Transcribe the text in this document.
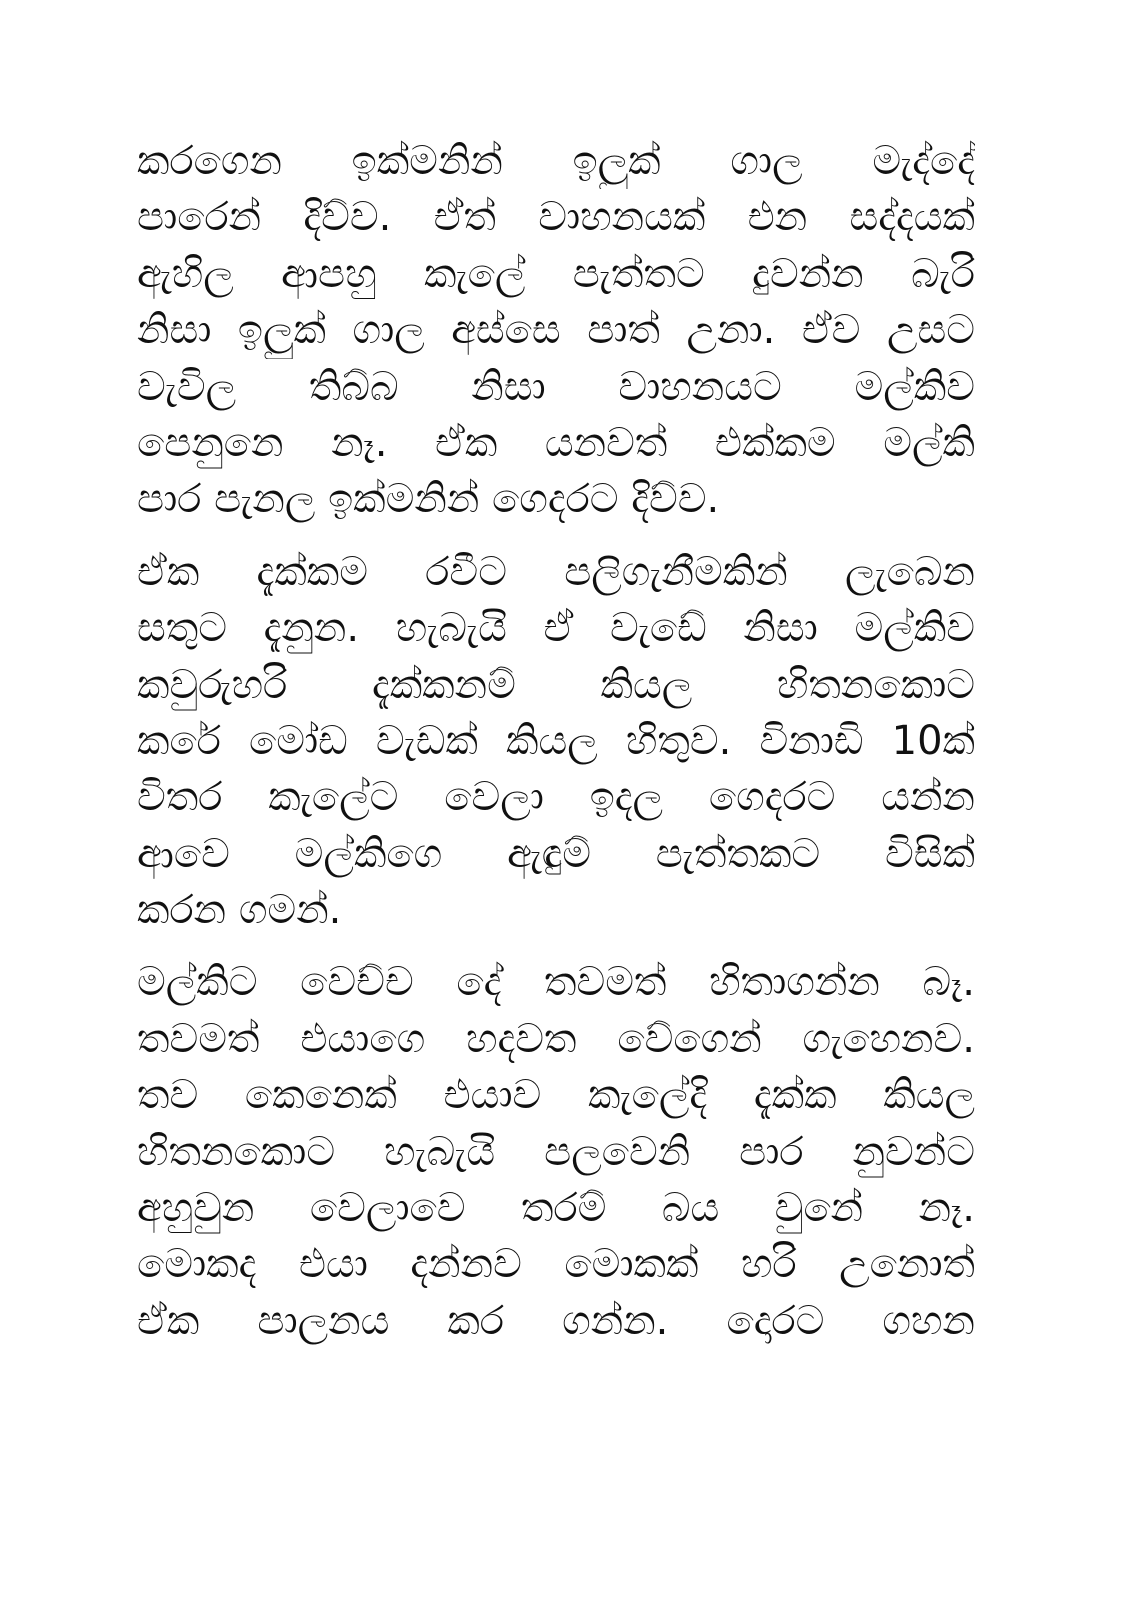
කරගෙන ඉක්මනින් ඉලුක් ගාල මැද්දේ
පාරෙන් දිව්ව. ඒත් වාහනයක් එන සද්දයක්
ඇහිල ආපහු කැලේ පැත්තට දුවන්න බැරි
නිසා ඉලුක් ගාල අස්සෙ පාත් උනා. ඒව උසට
වැවිල තිබ්බ නිසා වාහනයට මල්කිව
පෙනුනෙ නෑ. ඒක යනවත් එක්කම මල්කි
පාර පැනල ඉක්මනින් ගෙදරට දිව්ව.
ඒක දැක්කම රවීට පලිගැනීමකින් ලැබෙන
සතුට දැනුන. හැබැයි ඒ වැඩේ නිසා මල්කිව
කවුරුහරි දැක්කනම් කියල හිතනකොට
කරේ මෝඩ වැඩක් කියල හිතුව. විනාඩි 10ක්
විතර කැලේට වෙලා ඉදල ගෙදරට යන්න
ආවෙ මල්කිගෙ ඇඳුම් පැත්තකට විසික්
කරන ගමන්.
මල්කිට වෙච්ච දේ තවමත් හිතාගන්න බෑ.
තවමත් එයාගෙ හදවත වේගෙන් ගැහෙනව.
තව කෙනෙක් එයාව කැලේදි දැක්ක කියල
හිතනකොට හැබැයි පලවෙනි පාර නුවන්ට
අහුවුන වෙලාවෙ තරම් බය වුනේ නෑ.
මොකද එයා දන්නව මොකක් හරි උනොත්
ඒක පාලනය කර ගන්න. දොරට ගහන
